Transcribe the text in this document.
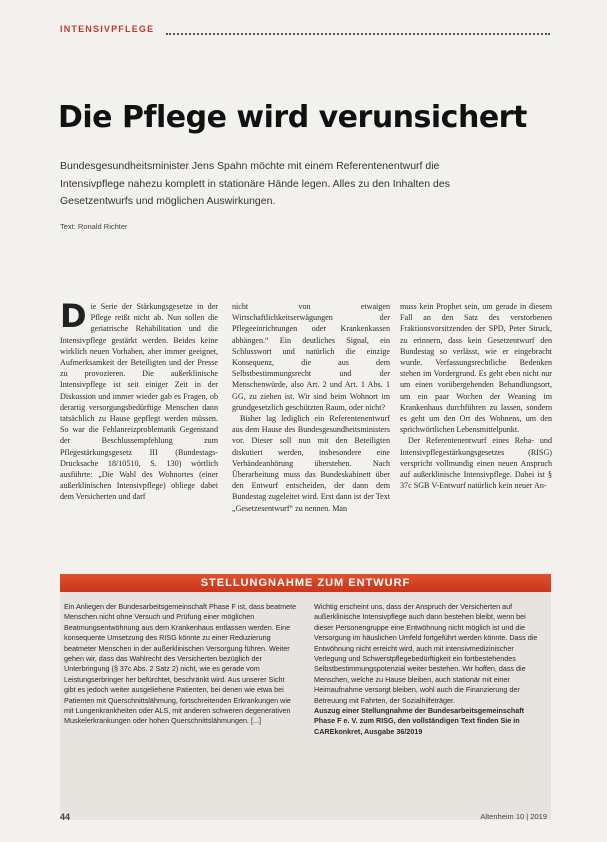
INTENSIVPFLEGE
Die Pflege wird verunsichert

Bundesgesundheitsminister Jens Spahn möchte mit einem Referentenentwurf die Intensivpflege nahezu komplett in stationäre Hände legen. Alles zu den Inhalten des Gesetzentwurfs und möglichen Auswirkungen.

Text: Ronald Richter
D ie Serie der Stärkungsgesetze in der Pflege reißt nicht ab. Nun sollen die geriatrische Rehabilitation und die Intensivpflege gestärkt werden. Beides keine wirklich neuen Vorhaben, aber immer geeignet, Aufmerksamkeit der Beteiligten und der Presse zu provozieren. Die außerklinische Intensivpflege ist seit einiger Zeit in der Diskussion und immer wieder gab es Fragen, ob derartig versorgungsbedürftige Menschen dann tatsächlich zu Hause gepflegt werden müssen. So war die Fehlanreizproblematik Gegenstand der Beschlussempfehlung zum Pflegestärkungsgesetz III (Bundestags-Drucksache 18/10510, S. 130) wörtlich ausführte: „Die Wahl des Wohnortes (einer außerklinischen Intensivpflege) obliege dabei dem Versicherten und darf

nicht von etwaigen Wirtschaftlichkeitserwägungen der Pflegeeinrichtungen oder Krankenkassen abhängen.“ Ein deutliches Signal, ein Schlusswort und natürlich die einzige Konsequenz, die aus dem Selbstbestimmungsrecht und der Menschenwürde, also Art. 2 und Art. 1 Abs. 1 GG, zu ziehen ist. Wir sind beim Wohnort im grundgesetzlich geschützten Raum, oder nicht?

Bisher lag lediglich ein Referentenentwurf aus dem Hause des Bundesgesundheitsministers vor. Dieser soll nun mit den Beteiligten diskutiert werden, insbesondere eine Verbändeanhörung überstehen. Nach Überarbeitung muss das Bundeskabinett über den Entwurf entscheiden, der dann dem Bundestag zugeleitet wird. Erst dann ist der Text „Gesetzesentwurf“ zu nennen. Man

muss kein Prophet sein, um gerade in diesem Fall an den Satz des verstorbenen Fraktionsvorsitzenden der SPD, Peter Struck, zu erinnern, dass kein Gesetzentwurf den Bundestag so verlässt, wie er eingebracht wurde. Verfassungsrechtliche Bedenken stehen im Vordergrund. Es geht eben nicht nur um einen vorübergehenden Behandlungsort, um ein paar Wochen der Weaning im Krankenhaus durchführen zu lassen, sondern es geht um den Ort des Wohnens, um den sprichwörtlichen Lebensmittelpunkt.

Der Referentenentwurf eines Reha- und Intensivpflegestärkungsgesetzes (RISG) verspricht vollmundig einen neuen Anspruch auf außerklinische Intensivpflege. Dabei ist § 37c SGB V-Entwurf natürlich kein neuer An-

STELLUNGNAHME ZUM ENTWURF
Ein Anliegen der Bundesarbeitsgemeinschaft Phase F ist, dass beatmete Menschen nicht ohne Versuch und Prüfung einer möglichen Beatmungsentwöhnung aus dem Krankenhaus entlassen werden. Eine konsequente Umsetzung des RISG könnte zu einer Reduzierung beatmeter Menschen in der außerklinischen Versorgung führen. Weiter gehen wir, dass das Wahlrecht des Versicherten bezüglich der Unterbringung (§ 37c Abs. 2 Satz 2) nicht, wie es gerade vom Leistungserbringer her befürchtet, beschränkt wird. Aus unserer Sicht gibt es jedoch weiter ausgeliehene Patienten, bei denen wie etwa bei Patienten mit Querschnittslähmung, fortschreitenden Erkrankungen wie mit Lungenkrankheiten oder ALS, mit anderen schweren degenerativen Muskelerkrankungen oder hohen Querschnittslähmungen. [...]
Wichtig erscheint uns, dass der Anspruch der Versicherten auf außerklinische Intensivpflege auch dann bestehen bleibt, wenn bei dieser Personengruppe eine Entwöhnung nicht möglich ist und die Versorgung im häuslichen Umfeld fortgeführt werden könnte. Dass die Entwöhnung nicht erreicht wird, auch mit intensivmedizinischer Verlegung und Schwerstpflegebedürftigkeit ein fortbestehendes Selbstbestimmungspotenzial weiter bestehen. Wir hoffen, dass die Menschen, welche zu Hause bleiben, auch stationär mit einer Heimaufnahme versorgt bleiben, wohl auch die Finanzierung der Betreuung mit Fahrten, der Sozialhilfeträger.
Auszug einer Stellungnahme der Bundesarbeitsgemeinschaft Phase F e. V. zum RISG, den vollständigen Text finden Sie in CAREkonkret, Ausgabe 36/2019
44	Altenheim 10 | 2019
